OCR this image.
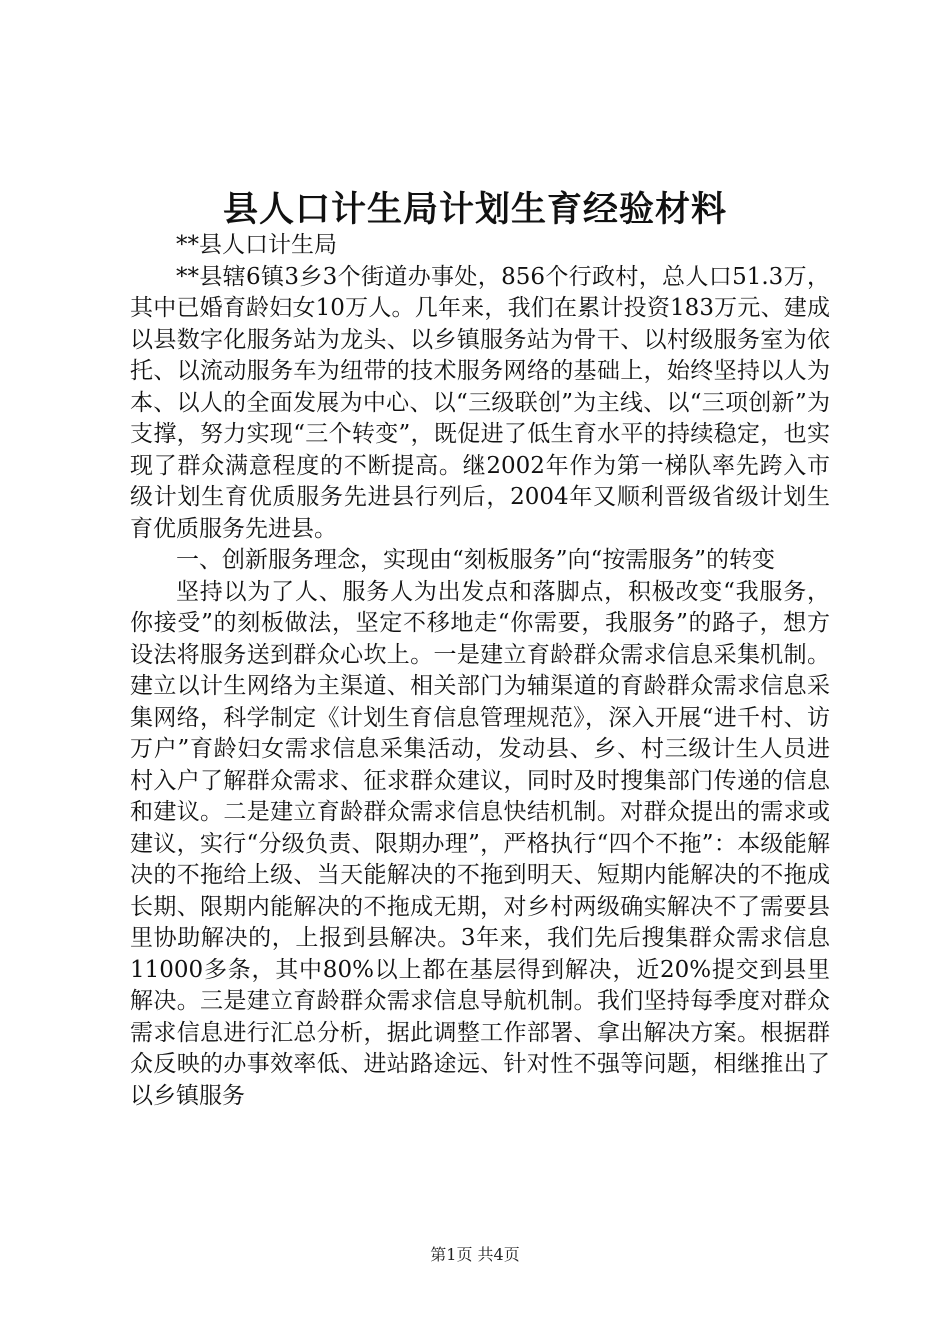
县人口计生局计划生育经验材料

**县人口计生局

**县辖6镇3乡3个街道办事处，856个行政村，总人口51.3万，其中已婚育龄妇女10万人。几年来，我们在累计投资183万元、建成以县数字化服务站为龙头、以乡镇服务站为骨干、以村级服务室为依托、以流动服务车为纽带的技术服务网络的基础上，始终坚持以人为本、以人的全面发展为中心、以“三级联创”为主线、以“三项创新”为支撑，努力实现“三个转变”，既促进了低生育水平的持续稳定，也实现了群众满意程度的不断提高。继2002年作为第一梯队率先跨入市级计划生育优质服务先进县行列后，2004年又顺利晋级省级计划生育优质服务先进县。

一、创新服务理念，实现由“刻板服务”向“按需服务”的转变

坚持以为了人、服务人为出发点和落脚点，积极改变“我服务，你接受”的刻板做法，坚定不移地走“你需要，我服务”的路子，想方设法将服务送到群众心坎上。一是建立育龄群众需求信息采集机制。建立以计生网络为主渠道、相关部门为辅渠道的育龄群众需求信息采集网络，科学制定《计划生育信息管理规范》，深入开展“进千村、访万户”育龄妇女需求信息采集活动，发动县、乡、村三级计生人员进村入户了解群众需求、征求群众建议，同时及时搜集部门传递的信息和建议。二是建立育龄群众需求信息快结机制。对群众提出的需求或建议，实行“分级负责、限期办理”，严格执行“四个不拖”：本级能解决的不拖给上级、当天能解决的不拖到明天、短期内能解决的不拖成长期、限期内能解决的不拖成无期，对乡村两级确实解决不了需要县里协助解决的，上报到县解决。3年来，我们先后搜集群众需求信息11000多条，其中80%以上都在基层得到解决，近20%提交到县里解决。三是建立育龄群众需求信息导航机制。我们坚持每季度对群众需求信息进行汇总分析，据此调整工作部署、拿出解决方案。根据群众反映的办事效率低、进站路途远、针对性不强等问题，相继推出了以乡镇服务

第1页 共4页
